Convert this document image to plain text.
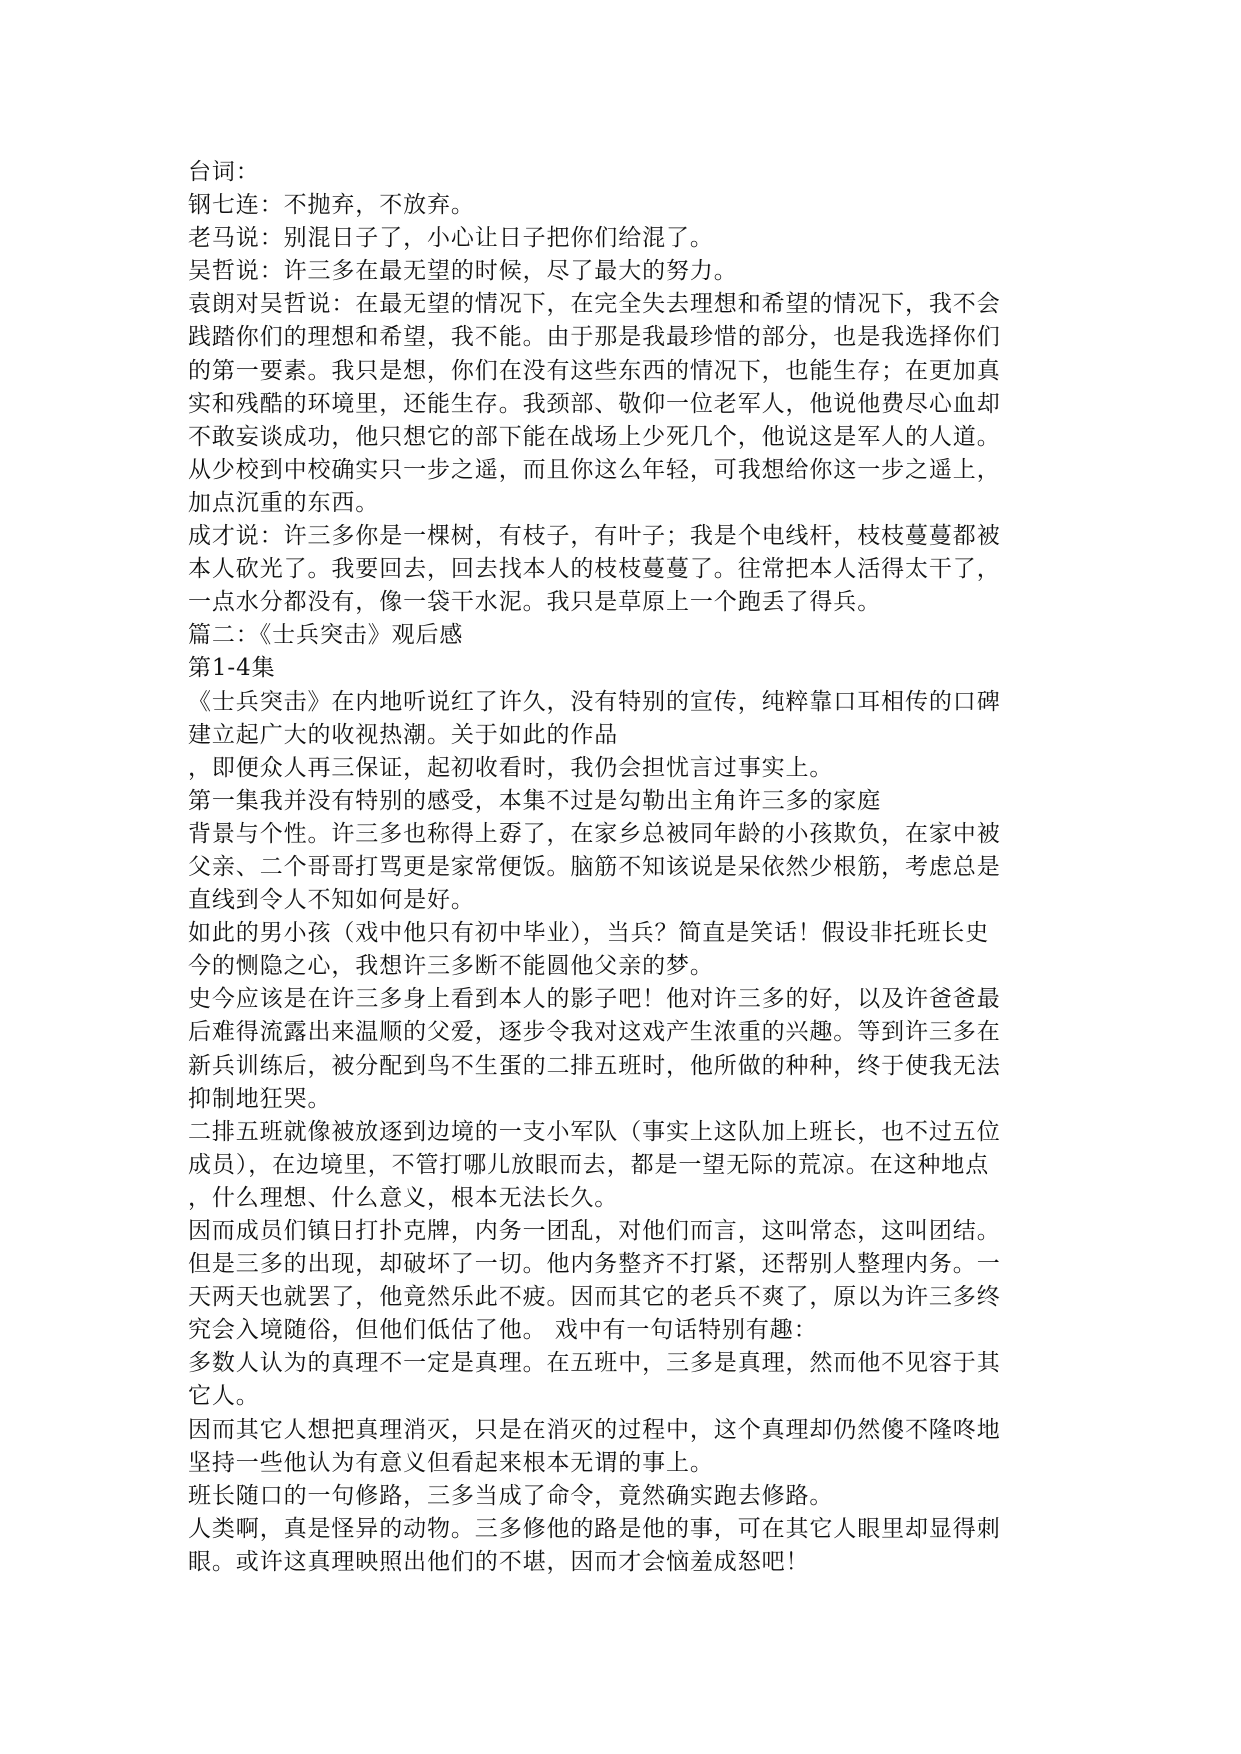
台词：
钢七连：不抛弃，不放弃。
老马说：别混日子了，小心让日子把你们给混了。
吴哲说：许三多在最无望的时候，尽了最大的努力。
袁朗对吴哲说：在最无望的情况下，在完全失去理想和希望的情况下，我不会
践踏你们的理想和希望，我不能。由于那是我最珍惜的部分，也是我选择你们
的第一要素。我只是想，你们在没有这些东西的情况下，也能生存；在更加真
实和残酷的环境里，还能生存。我颈部、敬仰一位老军人，他说他费尽心血却
不敢妄谈成功，他只想它的部下能在战场上少死几个，他说这是军人的人道。
从少校到中校确实只一步之遥，而且你这么年轻，可我想给你这一步之遥上，
加点沉重的东西。
成才说：许三多你是一棵树，有枝子，有叶子；我是个电线杆，枝枝蔓蔓都被
本人砍光了。我要回去，回去找本人的枝枝蔓蔓了。往常把本人活得太干了，
一点水分都没有，像一袋干水泥。我只是草原上一个跑丢了得兵。
篇二：《士兵突击》观后感
第1-4集
《士兵突击》在内地听说红了许久，没有特别的宣传，纯粹靠口耳相传的口碑
建立起广大的收视热潮。关于如此的作品
，即便众人再三保证，起初收看时，我仍会担忧言过事实上。
第一集我并没有特别的感受，本集不过是勾勒出主角许三多的家庭
背景与个性。许三多也称得上孬了，在家乡总被同年龄的小孩欺负，在家中被
父亲、二个哥哥打骂更是家常便饭。脑筋不知该说是呆依然少根筋，考虑总是
直线到令人不知如何是好。
如此的男小孩（戏中他只有初中毕业），当兵？简直是笑话！假设非托班长史
今的恻隐之心，我想许三多断不能圆他父亲的梦。
史今应该是在许三多身上看到本人的影子吧！他对许三多的好，以及许爸爸最
后难得流露出来温顺的父爱，逐步令我对这戏产生浓重的兴趣。等到许三多在
新兵训练后，被分配到鸟不生蛋的二排五班时，他所做的种种，终于使我无法
抑制地狂哭。
二排五班就像被放逐到边境的一支小军队（事实上这队加上班长，也不过五位
成员），在边境里，不管打哪儿放眼而去，都是一望无际的荒凉。在这种地点
，什么理想、什么意义，根本无法长久。
因而成员们镇日打扑克牌，内务一团乱，对他们而言，这叫常态，这叫团结。
但是三多的出现，却破坏了一切。他内务整齐不打紧，还帮别人整理内务。一
天两天也就罢了，他竟然乐此不疲。因而其它的老兵不爽了，原以为许三多终
究会入境随俗，但他们低估了他。 戏中有一句话特别有趣：
多数人认为的真理不一定是真理。在五班中，三多是真理，然而他不见容于其
它人。
因而其它人想把真理消灭，只是在消灭的过程中，这个真理却仍然傻不隆咚地
坚持一些他认为有意义但看起来根本无谓的事上。
班长随口的一句修路，三多当成了命令，竟然确实跑去修路。
人类啊，真是怪异的动物。三多修他的路是他的事，可在其它人眼里却显得刺
眼。或许这真理映照出他们的不堪，因而才会恼羞成怒吧！
